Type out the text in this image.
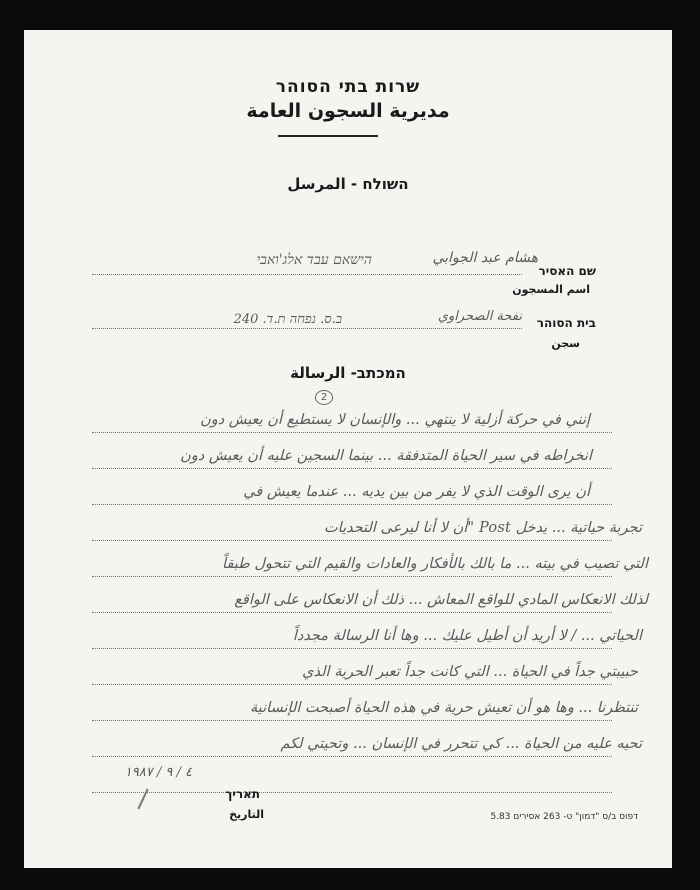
שרות בתי הסוהר
مديرية السجون العامة
השולח - المرسل
שם האסיר
اسم المسجون
هشام عبد الجوابي
הישאם עבד אלג'ואבי
בית הסוהר
سجن
نفحة الصحراوي
ב.ס. נפחה ת.ד. 240
המכתב- الرسالة
2
إنني في حركة أزلية لا ينتهي ... والإنسان لا يستطيع أن يعيش دون
انخراطه في سير الحياة المتدفقة ... بينما السجين عليه أن يعيش دون
أن يرى الوقت الذي لا يفر من بين يديه ... عندما يعيش في
تجربة حياتية ... يدخل Post "أن لا أنا ليرعى التحديات
التي تصيب في بيته ... ما بالك بالأفكار والعادات والقيم التي تتحول طبقاً
لذلك الانعكاس المادي للواقع المعاش ... ذلك أن الانعكاس على الواقع
الحياتي ... / لا أريد أن أطيل عليك ... وها أنا الرسالة مجدداً
حبيبتي جداً في الحياة ... التي كانت جداً تعبر الحرية الذي
تنتظرنا ... وها هو أن تعيش حرية في هذه الحياة أصبحت الإنسانية
تحيه عليه من الحياة ... كي تتحرر في الإنسان ... وتحيتي لكم
תאריך
التاريخ
٤ / ٩ / ١٩٨٧
דפוס ב/ס "דמון" ט- 263 אסירים 5.83
